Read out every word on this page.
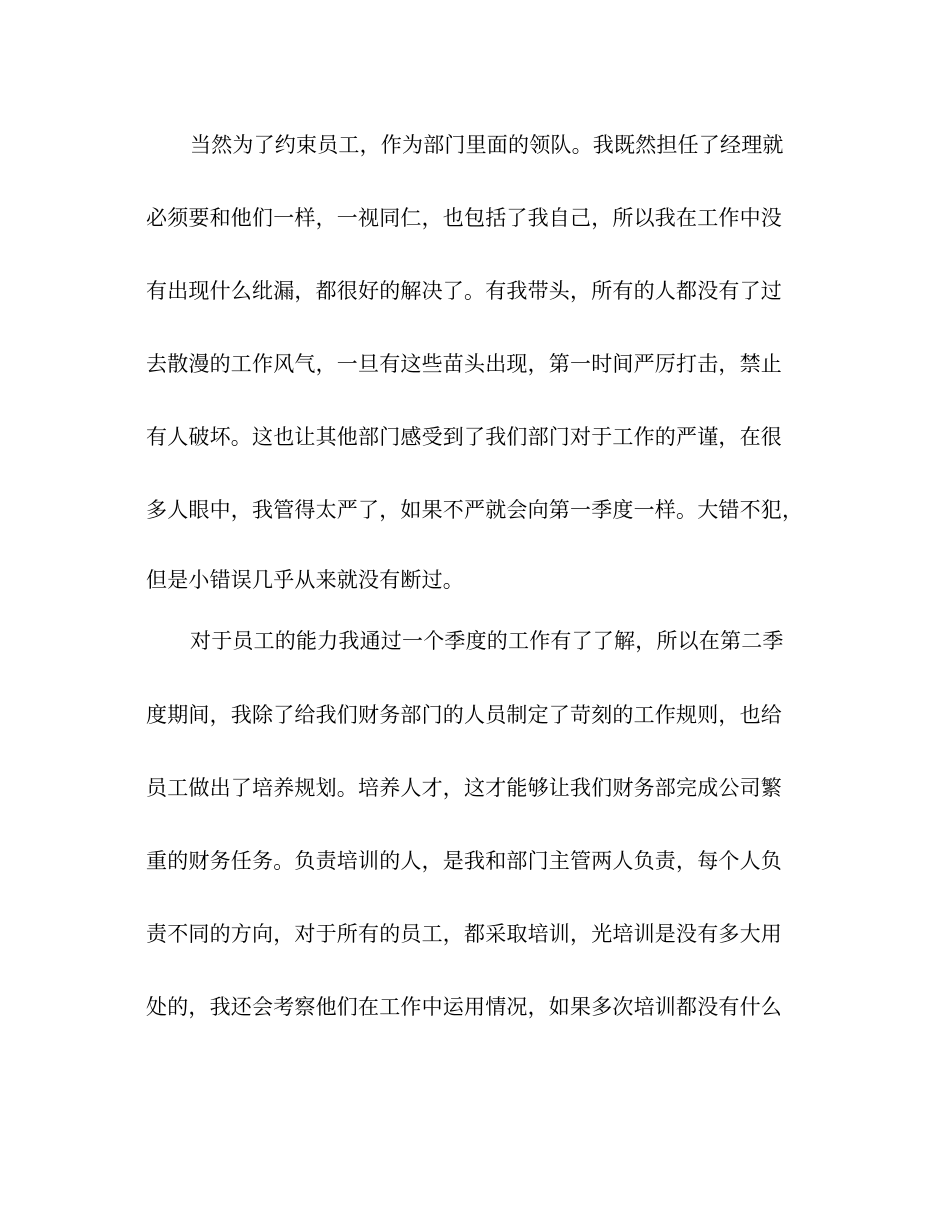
当然为了约束员工，作为部门里面的领队。我既然担任了经理就
必须要和他们一样，一视同仁，也包括了我自己，所以我在工作中没
有出现什么纰漏，都很好的解决了。有我带头，所有的人都没有了过
去散漫的工作风气，一旦有这些苗头出现，第一时间严厉打击，禁止
有人破坏。这也让其他部门感受到了我们部门对于工作的严谨，在很
多人眼中，我管得太严了，如果不严就会向第一季度一样。大错不犯，
但是小错误几乎从来就没有断过。
对于员工的能力我通过一个季度的工作有了了解，所以在第二季
度期间，我除了给我们财务部门的人员制定了苛刻的工作规则，也给
员工做出了培养规划。培养人才，这才能够让我们财务部完成公司繁
重的财务任务。负责培训的人，是我和部门主管两人负责，每个人负
责不同的方向，对于所有的员工，都采取培训，光培训是没有多大用
处的，我还会考察他们在工作中运用情况，如果多次培训都没有什么
